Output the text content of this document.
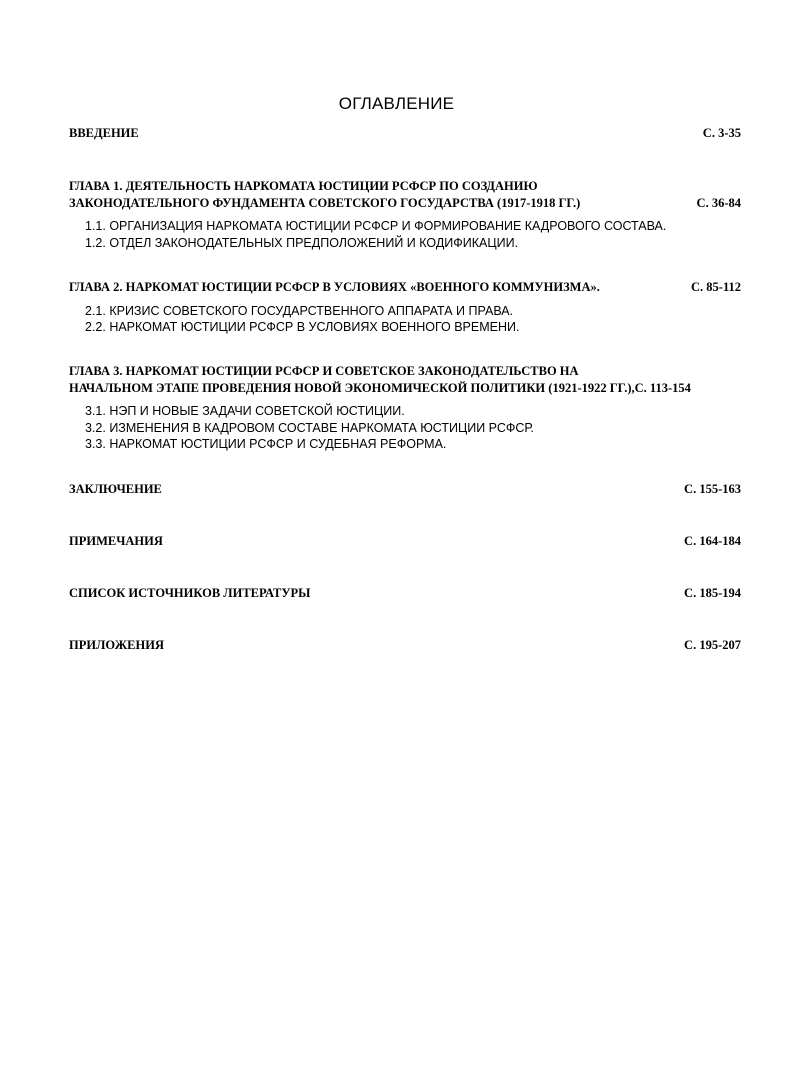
ОГЛАВЛЕНИЕ
ВВЕДЕНИЕ	С. 3-35
ГЛАВА 1. ДЕЯТЕЛЬНОСТЬ НАРКОМАТА ЮСТИЦИИ РСФСР ПО СОЗДАНИЮ
ЗАКОНОДАТЕЛЬНОГО ФУНДАМЕНТА СОВЕТСКОГО ГОСУДАРСТВА (1917-1918 ГГ.)	С. 36-84
1.1. ОРГАНИЗАЦИЯ НАРКОМАТА ЮСТИЦИИ РСФСР И ФОРМИРОВАНИЕ КАДРОВОГО СОСТАВА.
1.2. ОТДЕЛ ЗАКОНОДАТЕЛЬНЫХ ПРЕДПОЛОЖЕНИЙ И КОДИФИКАЦИИ.
ГЛАВА 2. НАРКОМАТ ЮСТИЦИИ РСФСР В УСЛОВИЯХ «ВОЕННОГО КОММУНИЗМА».	С. 85-112
2.1. КРИЗИС СОВЕТСКОГО ГОСУДАРСТВЕННОГО АППАРАТА И ПРАВА.
2.2. НАРКОМАТ ЮСТИЦИИ РСФСР В УСЛОВИЯХ ВОЕННОГО ВРЕМЕНИ.
ГЛАВА 3. НАРКОМАТ ЮСТИЦИИ РСФСР И СОВЕТСКОЕ ЗАКОНОДАТЕЛЬСТВО НА
НАЧАЛЬНОМ ЭТАПЕ ПРОВЕДЕНИЯ НОВОЙ ЭКОНОМИЧЕСКОЙ ПОЛИТИКИ (1921-1922 ГГ.),С. 113-154
3.1. НЭП И НОВЫЕ ЗАДАЧИ СОВЕТСКОЙ ЮСТИЦИИ.
3.2. ИЗМЕНЕНИЯ В КАДРОВОМ СОСТАВЕ НАРКОМАТА ЮСТИЦИИ РСФСР.
3.3. НАРКОМАТ ЮСТИЦИИ РСФСР И СУДЕБНАЯ РЕФОРМА.
ЗАКЛЮЧЕНИЕ	С. 155-163
ПРИМЕЧАНИЯ	С. 164-184
СПИСОК ИСТОЧНИКОВ ЛИТЕРАТУРЫ	С. 185-194
ПРИЛОЖЕНИЯ	С. 195-207
